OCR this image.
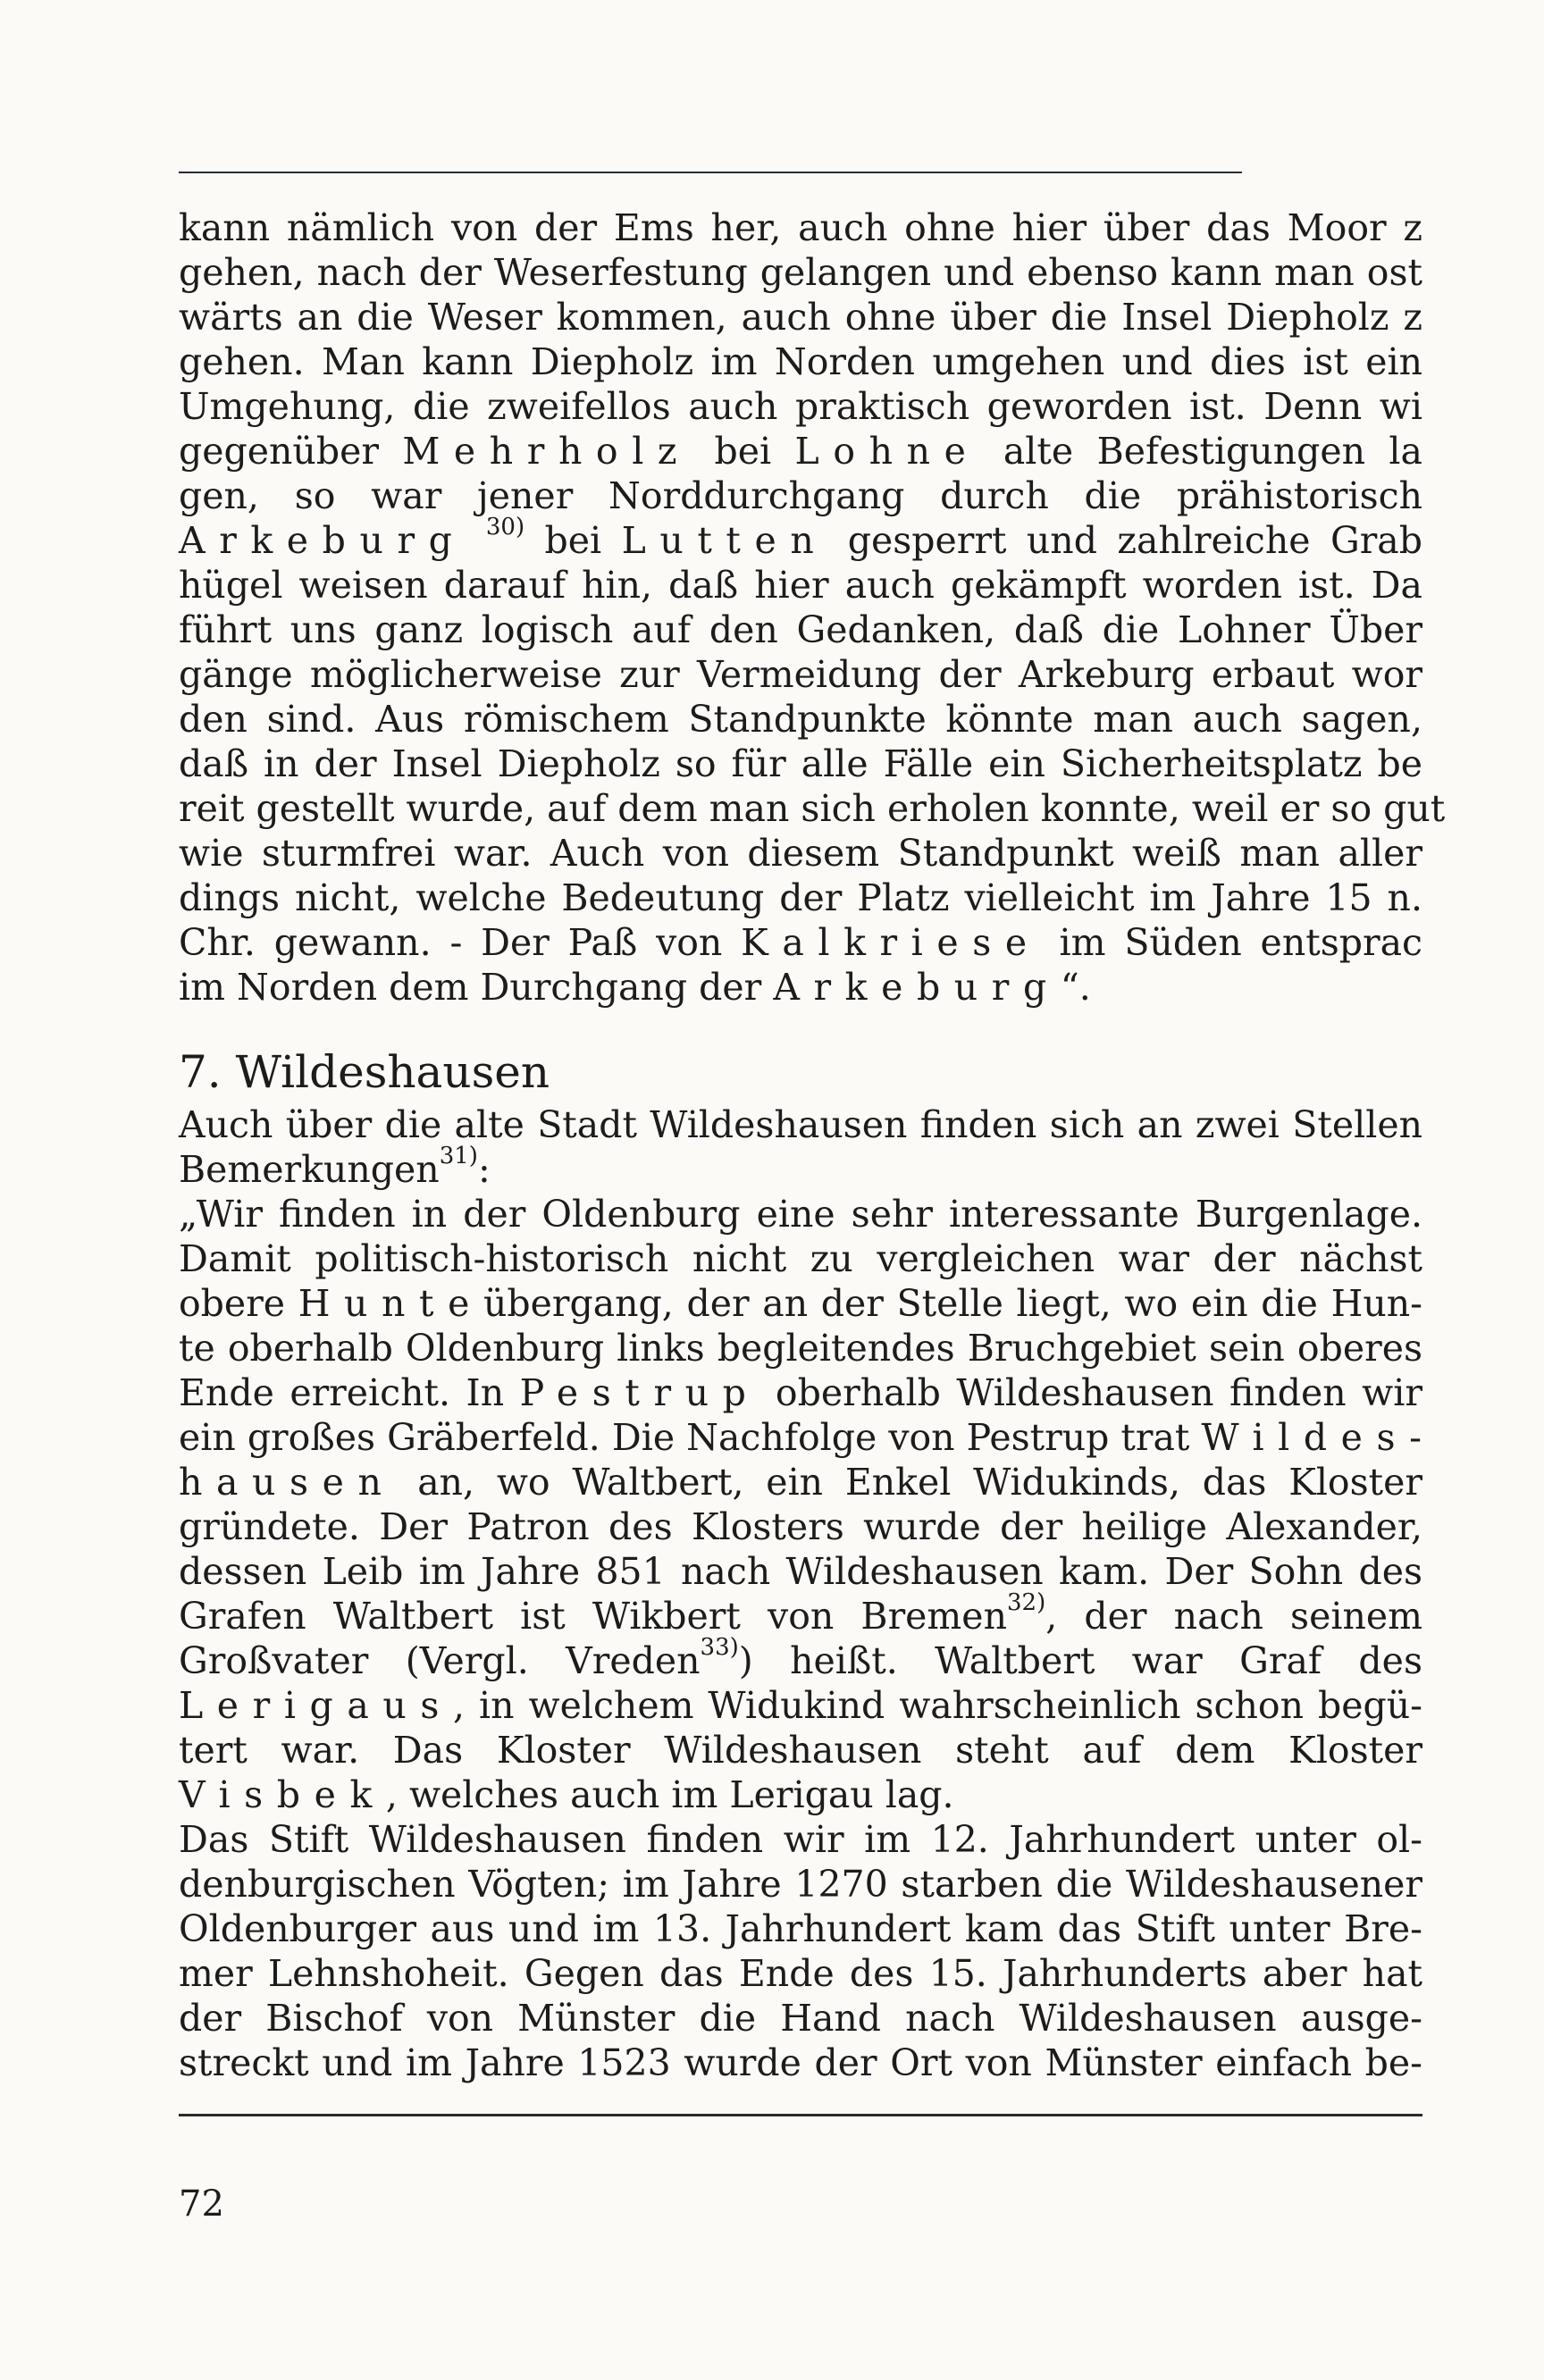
kann nämlich von der Ems her, auch ohne hier über das Moor z
gehen, nach der Weserfestung gelangen und ebenso kann man ost
wärts an die Weser kommen, auch ohne über die Insel Diepholz z
gehen. Man kann Diepholz im Norden umgehen und dies ist ein
Umgehung, die zweifellos auch praktisch geworden ist. Denn wi
gegenüber Mehrholz bei Lohne alte Befestigungen la
gen, so war jener Norddurchgang durch die prähistorisch
Arkeburg $^{30)}$ bei Lutten gesperrt und zahlreiche Grab
hügel weisen darauf hin, daß hier auch gekämpft worden ist. Da
führt uns ganz logisch auf den Gedanken, daß die Lohner Über
gänge möglicherweise zur Vermeidung der Arkeburg erbaut wor
den sind. Aus römischem Standpunkte könnte man auch sagen,
daß in der Insel Diepholz so für alle Fälle ein Sicherheitsplatz be
reit gestellt wurde, auf dem man sich erholen konnte, weil er so gut
wie sturmfrei war. Auch von diesem Standpunkt weiß man aller
dings nicht, welche Bedeutung der Platz vielleicht im Jahre 15 n.
Chr. gewann. - Der Paß von Kalkriese im Süden entsprac
im Norden dem Durchgang der Arkeburg“.
7. Wildeshausen
Auch über die alte Stadt Wildeshausen finden sich an zwei Stellen
Bemerkungen$^{31)}$:
„Wir finden in der Oldenburg eine sehr interessante Burgenlage.
Damit politisch-historisch nicht zu vergleichen war der nächst
obere Hunteübergang, der an der Stelle liegt, wo ein die Hun-
te oberhalb Oldenburg links begleitendes Bruchgebiet sein oberes
Ende erreicht. In Pestrup oberhalb Wildeshausen finden wir
ein großes Gräberfeld. Die Nachfolge von Pestrup trat Wildes-
hausen an, wo Waltbert, ein Enkel Widukinds, das Kloster
gründete. Der Patron des Klosters wurde der heilige Alexander,
dessen Leib im Jahre 851 nach Wildeshausen kam. Der Sohn des
Grafen Waltbert ist Wikbert von Bremen$^{32)}$, der nach seinem
Großvater (Vergl. Vreden$^{33)}$) heißt. Waltbert war Graf des
Lerigaus, in welchem Widukind wahrscheinlich schon begü-
tert war. Das Kloster Wildeshausen steht auf dem Kloster
Visbek, welches auch im Lerigau lag.
Das Stift Wildeshausen finden wir im 12. Jahrhundert unter ol-
denburgischen Vögten; im Jahre 1270 starben die Wildeshausener
Oldenburger aus und im 13. Jahrhundert kam das Stift unter Bre-
mer Lehnshoheit. Gegen das Ende des 15. Jahrhunderts aber hat
der Bischof von Münster die Hand nach Wildeshausen ausge-
streckt und im Jahre 1523 wurde der Ort von Münster einfach be-
72
